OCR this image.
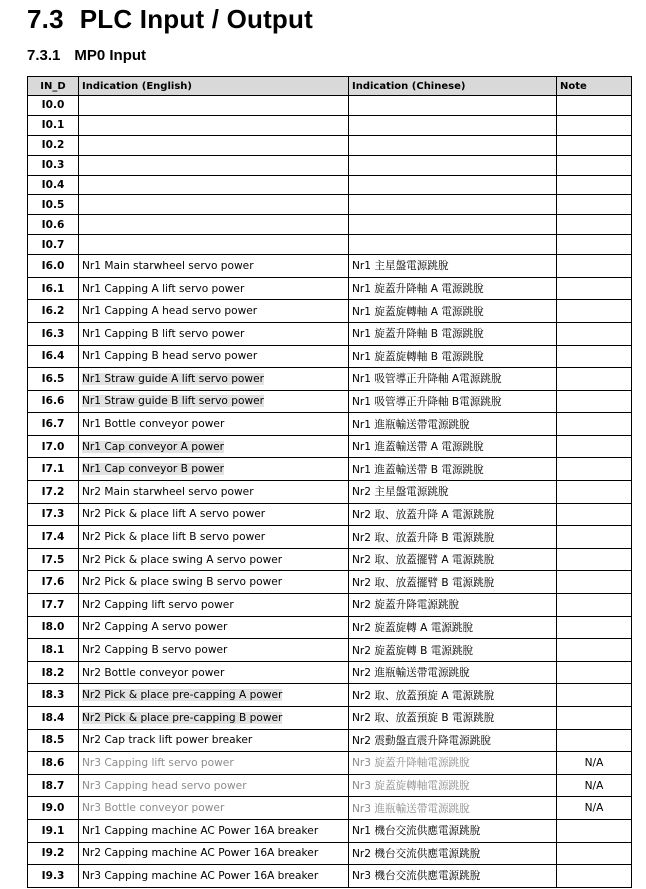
7.3 PLC Input / Output
7.3.1 MP0 Input
IN_D	Indication (English)	Indication (Chinese)	Note
I0.0			
I0.1			
I0.2			
I0.3			
I0.4			
I0.5			
I0.6			
I0.7			
I6.0	Nr1 Main starwheel servo power	Nr1 主星盤電源跳脫	
I6.1	Nr1 Capping A lift servo power	Nr1 旋蓋升降軸 A 電源跳脫	
I6.2	Nr1 Capping A head servo power	Nr1 旋蓋旋轉軸 A 電源跳脫	
I6.3	Nr1 Capping B lift servo power	Nr1 旋蓋升降軸 B 電源跳脫	
I6.4	Nr1 Capping B head servo power	Nr1 旋蓋旋轉軸 B 電源跳脫	
I6.5	Nr1 Straw guide A lift servo power	Nr1 吸管導正升降軸 A電源跳脫	
I6.6	Nr1 Straw guide B lift servo power	Nr1 吸管導正升降軸 B電源跳脫	
I6.7	Nr1 Bottle conveyor power	Nr1 進瓶輸送帶電源跳脫	
I7.0	Nr1 Cap conveyor A power	Nr1 進蓋輸送帶 A 電源跳脫	
I7.1	Nr1 Cap conveyor B power	Nr1 進蓋輸送帶 B 電源跳脫	
I7.2	Nr2 Main starwheel servo power	Nr2 主星盤電源跳脫	
I7.3	Nr2 Pick & place lift A servo power	Nr2 取、放蓋升降 A 電源跳脫	
I7.4	Nr2 Pick & place lift B servo power	Nr2 取、放蓋升降 B 電源跳脫	
I7.5	Nr2 Pick & place swing A servo power	Nr2 取、放蓋擺臂 A 電源跳脫	
I7.6	Nr2 Pick & place swing B servo power	Nr2 取、放蓋擺臂 B 電源跳脫	
I7.7	Nr2 Capping lift servo power	Nr2 旋蓋升降電源跳脫	
I8.0	Nr2 Capping A servo power	Nr2 旋蓋旋轉 A 電源跳脫	
I8.1	Nr2 Capping B servo power	Nr2 旋蓋旋轉 B 電源跳脫	
I8.2	Nr2 Bottle conveyor power	Nr2 進瓶輸送帶電源跳脫	
I8.3	Nr2 Pick & place pre-capping A power	Nr2 取、放蓋預旋 A 電源跳脫	
I8.4	Nr2 Pick & place pre-capping B power	Nr2 取、放蓋預旋 B 電源跳脫	
I8.5	Nr2 Cap track lift power breaker	Nr2 震動盤直震升降電源跳脫	
I8.6	Nr3 Capping lift servo power	Nr3 旋蓋升降軸電源跳脫	N/A
I8.7	Nr3 Capping head servo power	Nr3 旋蓋旋轉軸電源跳脫	N/A
I9.0	Nr3 Bottle conveyor power	Nr3 進瓶輸送帶電源跳脫	N/A
I9.1	Nr1 Capping machine AC Power 16A breaker	Nr1 機台交流供應電源跳脫	
I9.2	Nr2 Capping machine AC Power 16A breaker	Nr2 機台交流供應電源跳脫	
I9.3	Nr3 Capping machine AC Power 16A breaker	Nr3 機台交流供應電源跳脫	
